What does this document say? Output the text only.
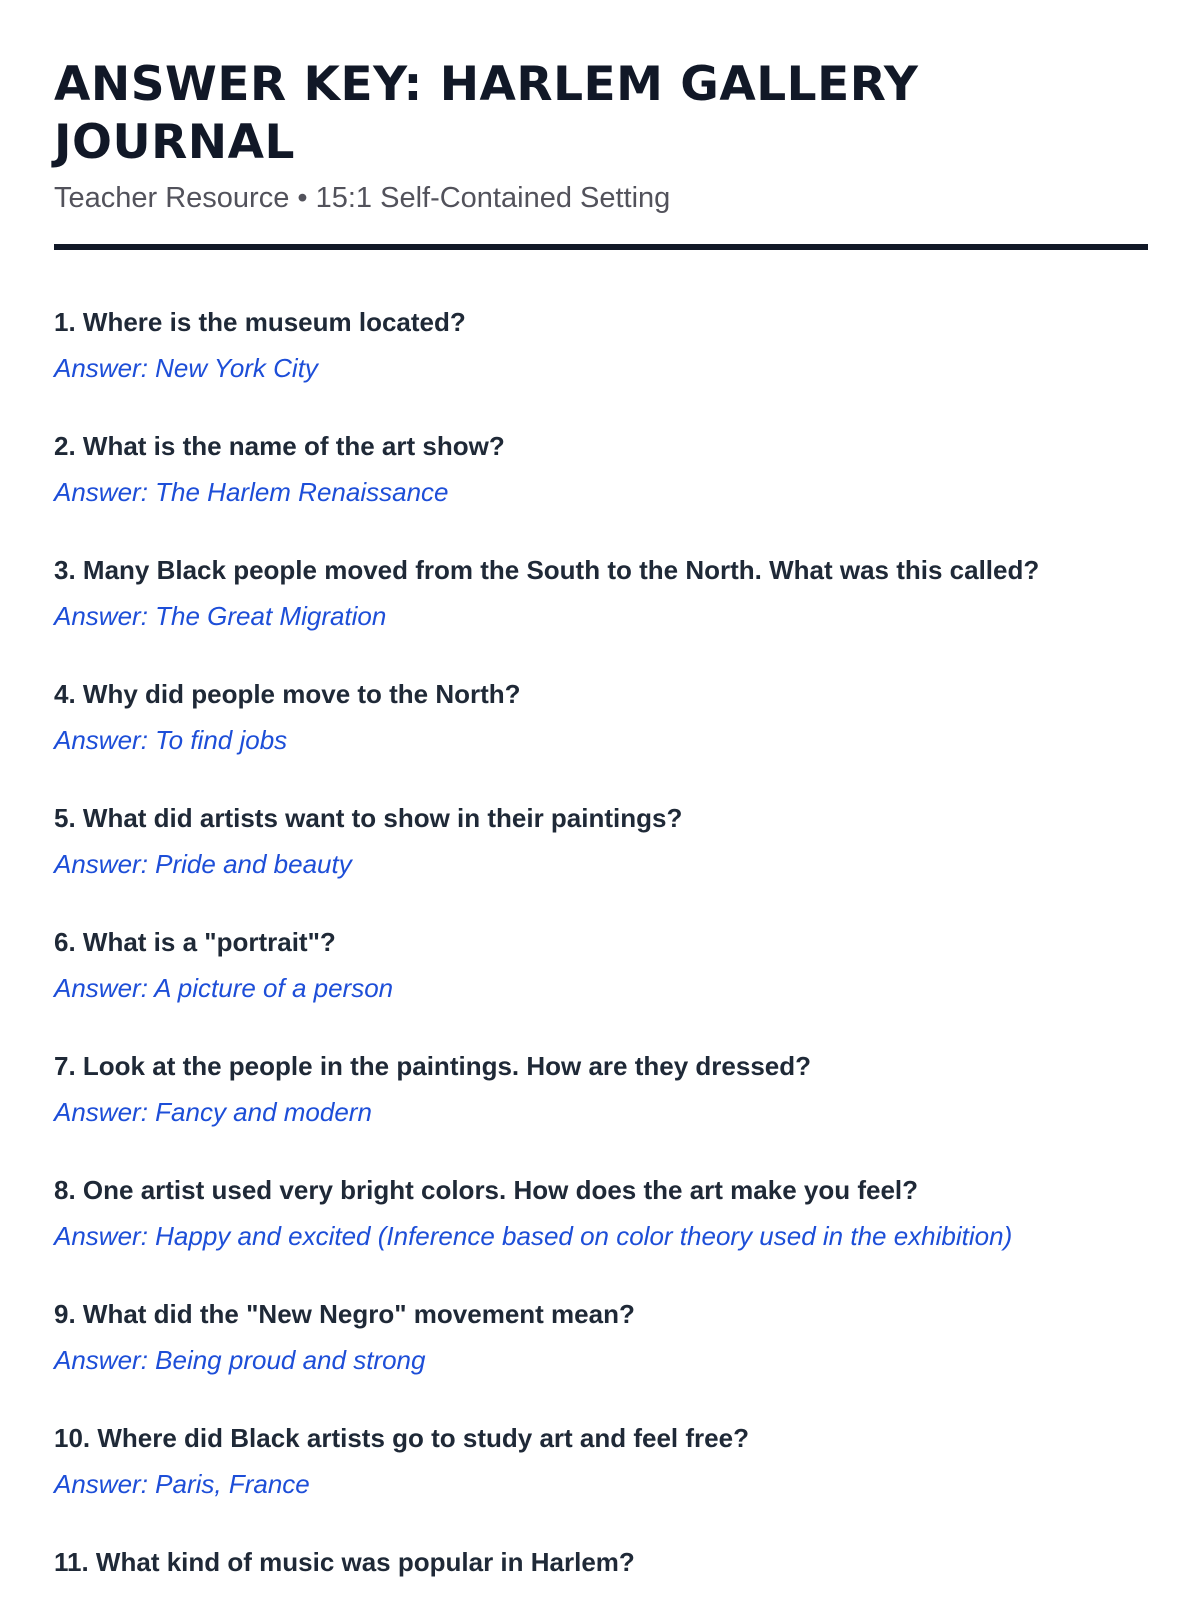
ANSWER KEY: HARLEM GALLERY JOURNAL
Teacher Resource • 15:1 Self-Contained Setting
1. Where is the museum located?
Answer: New York City
2. What is the name of the art show?
Answer: The Harlem Renaissance
3. Many Black people moved from the South to the North. What was this called?
Answer: The Great Migration
4. Why did people move to the North?
Answer: To find jobs
5. What did artists want to show in their paintings?
Answer: Pride and beauty
6. What is a "portrait"?
Answer: A picture of a person
7. Look at the people in the paintings. How are they dressed?
Answer: Fancy and modern
8. One artist used very bright colors. How does the art make you feel?
Answer: Happy and excited (Inference based on color theory used in the exhibition)
9. What did the "New Negro" movement mean?
Answer: Being proud and strong
10. Where did Black artists go to study art and feel free?
Answer: Paris, France
11. What kind of music was popular in Harlem?
